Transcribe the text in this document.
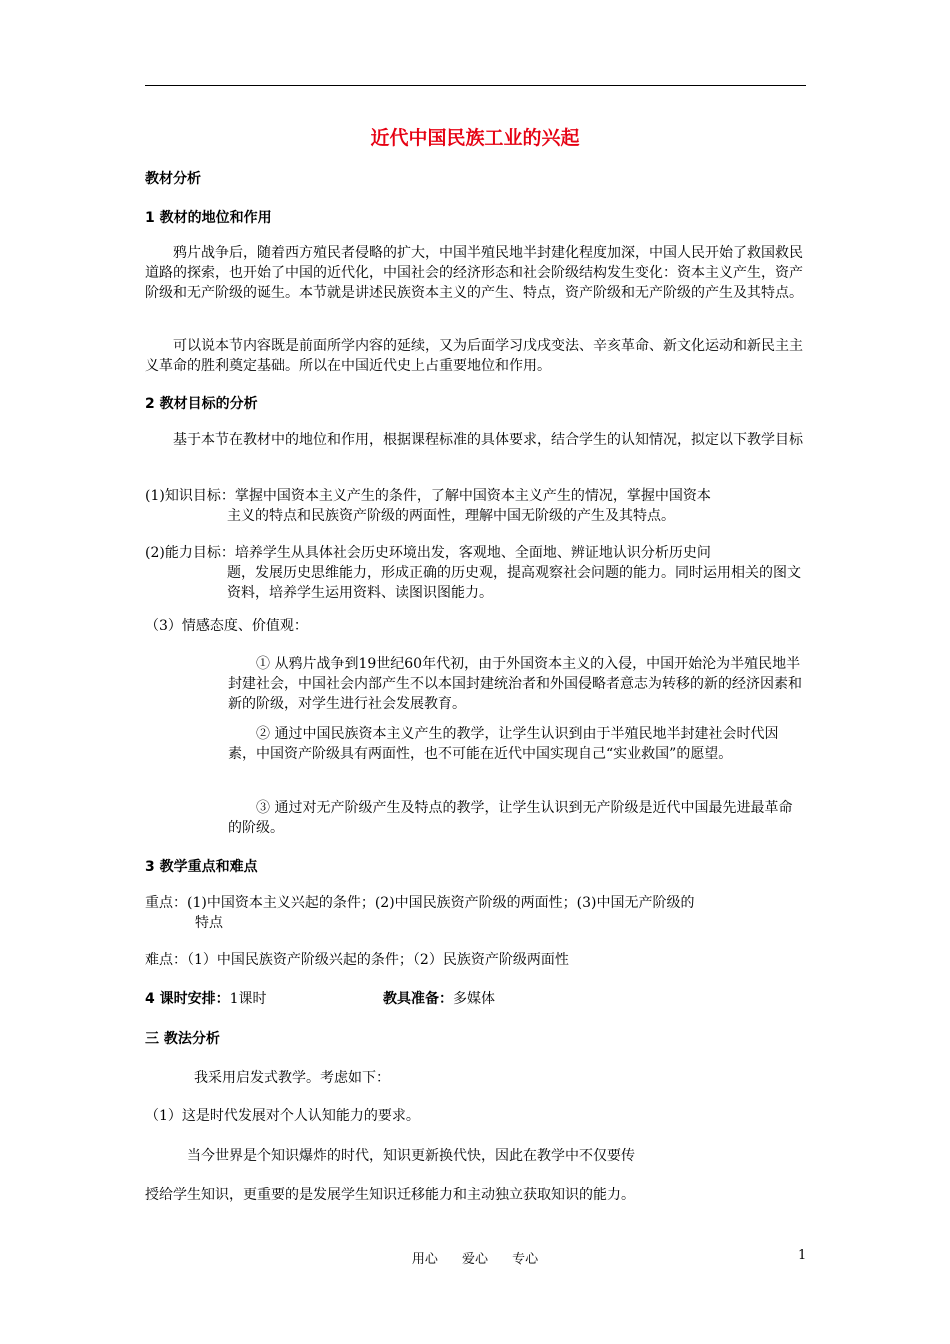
近代中国民族工业的兴起
教材分析
1 教材的地位和作用
鸦片战争后，随着西方殖民者侵略的扩大，中国半殖民地半封建化程度加深，中国人民开始了救国救民道路的探索，也开始了中国的近代化，中国社会的经济形态和社会阶级结构发生变化：资本主义产生，资产阶级和无产阶级的诞生。本节就是讲述民族资本主义的产生、特点，资产阶级和无产阶级的产生及其特点。
可以说本节内容既是前面所学内容的延续，又为后面学习戊戌变法、辛亥革命、新文化运动和新民主主义革命的胜利奠定基础。所以在中国近代史上占重要地位和作用。
2 教材目标的分析
基于本节在教材中的地位和作用，根据课程标准的具体要求，结合学生的认知情况，拟定以下教学目标
(1)知识目标：掌握中国资本主义产生的条件，了解中国资本主义产生的情况，掌握中国资本
主义的特点和民族资产阶级的两面性，理解中国无阶级的产生及其特点。
(2)能力目标：培养学生从具体社会历史环境出发，客观地、全面地、辨证地认识分析历史问
题，发展历史思维能力，形成正确的历史观，提高观察社会问题的能力。同时运用相关的图文资料，培养学生运用资料、读图识图能力。
（3）情感态度、价值观：
① 从鸦片战争到19世纪60年代初，由于外国资本主义的入侵，中国开始沦为半殖民地半封建社会，中国社会内部产生不以本国封建统治者和外国侵略者意志为转移的新的经济因素和新的阶级，对学生进行社会发展教育。
② 通过中国民族资本主义产生的教学，让学生认识到由于半殖民地半封建社会时代因素，中国资产阶级具有两面性，也不可能在近代中国实现自己“实业救国”的愿望。
③ 通过对无产阶级产生及特点的教学，让学生认识到无产阶级是近代中国最先进最革命的阶级。
3 教学重点和难点
重点：(1)中国资本主义兴起的条件；(2)中国民族资产阶级的两面性；(3)中国无产阶级的
特点
难点：（1）中国民族资产阶级兴起的条件；（2）民族资产阶级两面性
4 课时安排：1课时	教具准备：多媒体
三 教法分析
我采用启发式教学。考虑如下：
（1）这是时代发展对个人认知能力的要求。
当今世界是个知识爆炸的时代，知识更新换代快，因此在教学中不仅要传
授给学生知识，更重要的是发展学生知识迁移能力和主动独立获取知识的能力。
用心 爱心 专心	1
